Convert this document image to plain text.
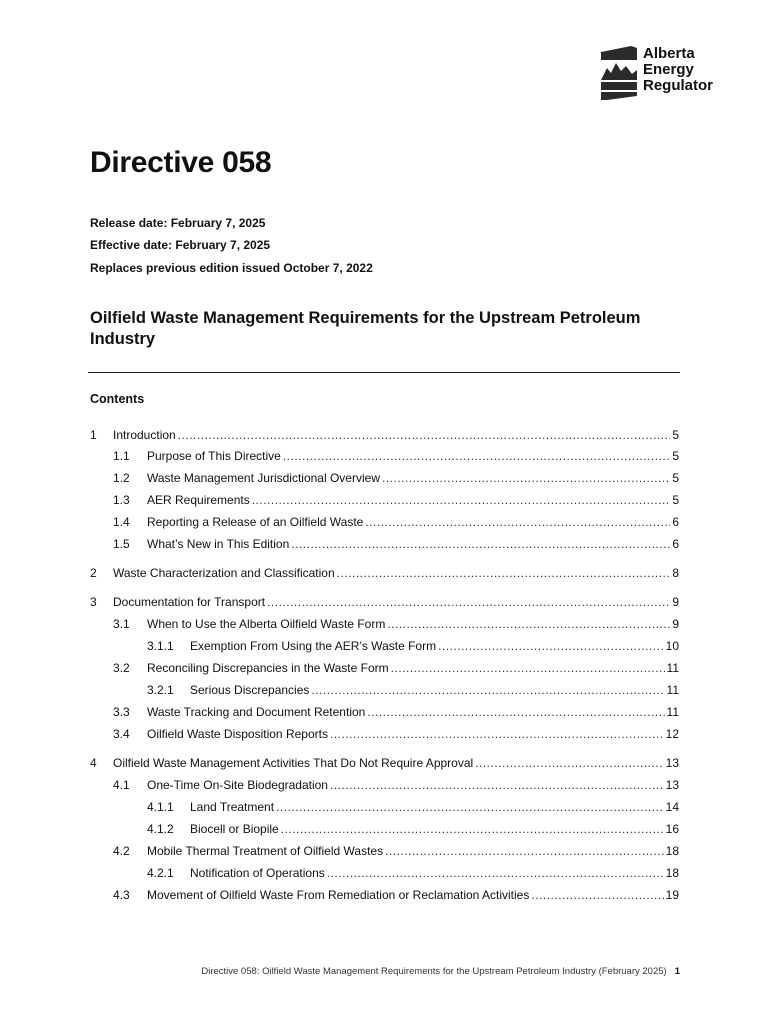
Alberta
Energy
Regulator
Directive 058
Release date: February 7, 2025
Effective date: February 7, 2025
Replaces previous edition issued October 7, 2022
Oilfield Waste Management Requirements for the Upstream Petroleum Industry
Contents
1	Introduction .....	5
1.1	Purpose of This Directive .....	5
1.2	Waste Management Jurisdictional Overview .....	5
1.3	AER Requirements .....	5
1.4	Reporting a Release of an Oilfield Waste .....	6
1.5	What’s New in This Edition .....	6
2	Waste Characterization and Classification .....	8
3	Documentation for Transport .....	9
3.1	When to Use the Alberta Oilfield Waste Form .....	9
3.1.1	Exemption From Using the AER’s Waste Form .....	10
3.2	Reconciling Discrepancies in the Waste Form .....	11
3.2.1	Serious Discrepancies .....	11
3.3	Waste Tracking and Document Retention .....	11
3.4	Oilfield Waste Disposition Reports .....	12
4	Oilfield Waste Management Activities That Do Not Require Approval .....	13
4.1	One-Time On-Site Biodegradation .....	13
4.1.1	Land Treatment .....	14
4.1.2	Biocell or Biopile .....	16
4.2	Mobile Thermal Treatment of Oilfield Wastes .....	18
4.2.1	Notification of Operations .....	18
4.3	Movement of Oilfield Waste From Remediation or Reclamation Activities .....	19
Directive 058: Oilfield Waste Management Requirements for the Upstream Petroleum Industry (February 2025) 1
